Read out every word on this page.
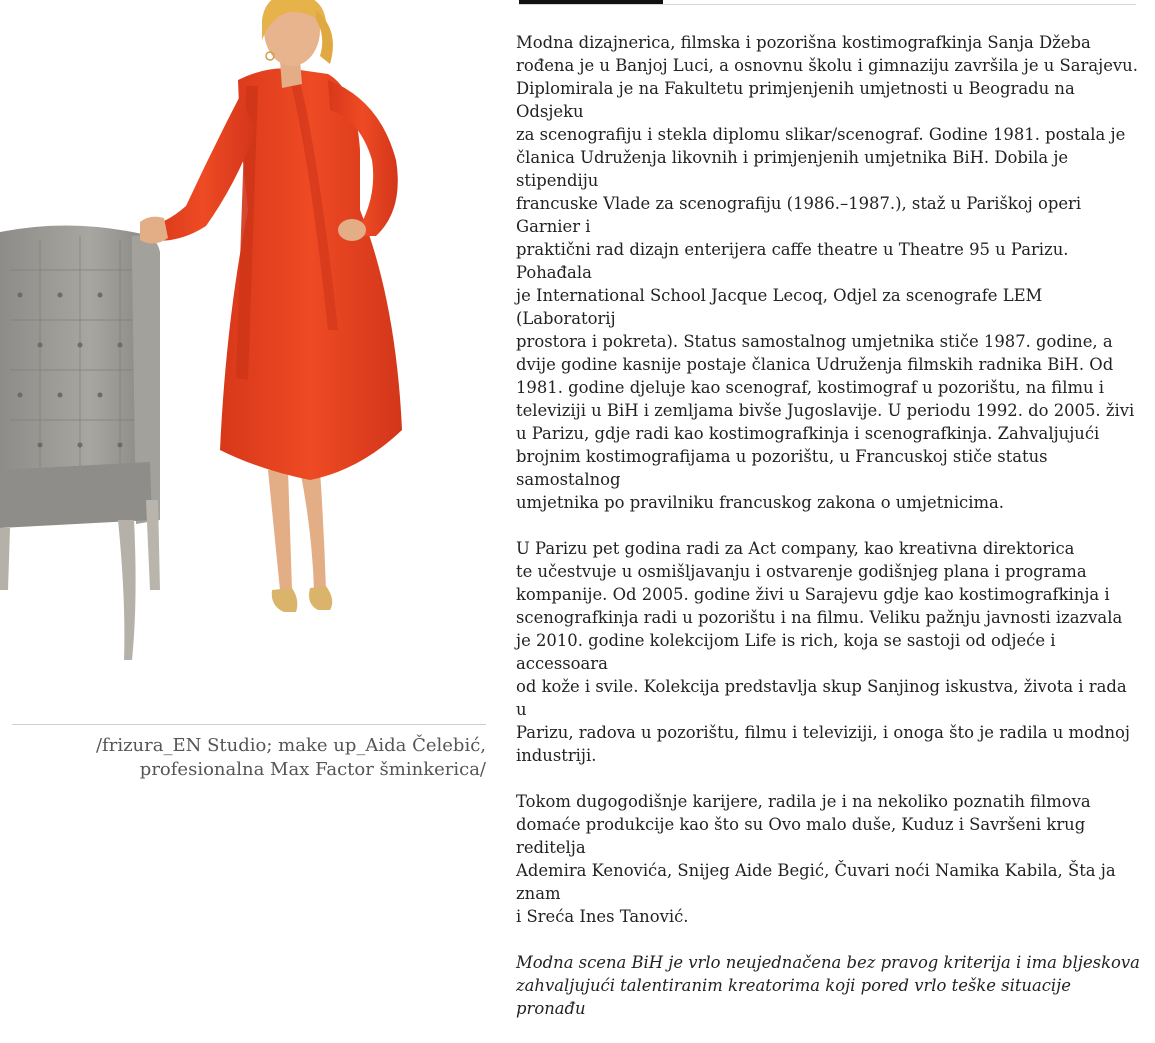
/frizura_EN Studio; make up_Aida Čelebić,
profesionalna Max Factor šminkerica/

Modna dizajnerica, filmska i pozorišna kostimografkinja Sanja Džeba
rođena je u Banjoj Luci, a osnovnu školu i gimnaziju završila je u Sarajevu.
Diplomirala je na Fakultetu primjenjenih umjetnosti u Beogradu na Odsjeku
za scenografiju i stekla diplomu slikar/scenograf. Godine 1981. postala je
članica Udruženja likovnih i primjenjenih umjetnika BiH. Dobila je stipendiju
francuske Vlade za scenografiju (1986.–1987.), staž u Pariškoj operi Garnier i
praktični rad dizajn enterijera caffe theatre u Theatre 95 u Parizu. Pohađala
je International School Jacque Lecoq, Odjel za scenografe LEM (Laboratorij
prostora i pokreta). Status samostalnog umjetnika stiče 1987. godine, a
dvije godine kasnije postaje članica Udruženja filmskih radnika BiH. Od
1981. godine djeluje kao scenograf, kostimograf u pozorištu, na filmu i
televiziji u BiH i zemljama bivše Jugoslavije. U periodu 1992. do 2005. živi
u Parizu, gdje radi kao kostimografkinja i scenografkinja. Zahvaljujući
brojnim kostimografijama u pozorištu, u Francuskoj stiče status samostalnog
umjetnika po pravilniku francuskog zakona o umjetnicima.

U Parizu pet godina radi za Act company, kao kreativna direktorica
te učestvuje u osmišljavanju i ostvarenje godišnjeg plana i programa
kompanije. Od 2005. godine živi u Sarajevu gdje kao kostimografkinja i
scenografkinja radi u pozorištu i na filmu. Veliku pažnju javnosti izazvala
je 2010. godine kolekcijom Life is rich, koja se sastoji od odjeće i accessoara
od kože i svile. Kolekcija predstavlja skup Sanjinog iskustva, života i rada u
Parizu, radova u pozorištu, filmu i televiziji, i onoga što je radila u modnoj
industriji.

Tokom dugogodišnje karijere, radila je i na nekoliko poznatih filmova
domaće produkcije kao što su Ovo malo duše, Kuduz i Savršeni krug reditelja
Ademira Kenovića, Snijeg Aide Begić, Čuvari noći Namika Kabila, Šta ja znam
i Sreća Ines Tanović.

Modna scena BiH je vrlo neujednačena bez pravog kriterija i ima bljeskova
zahvaljujući talentiranim kreatorima koji pored vrlo teške situacije pronađu
